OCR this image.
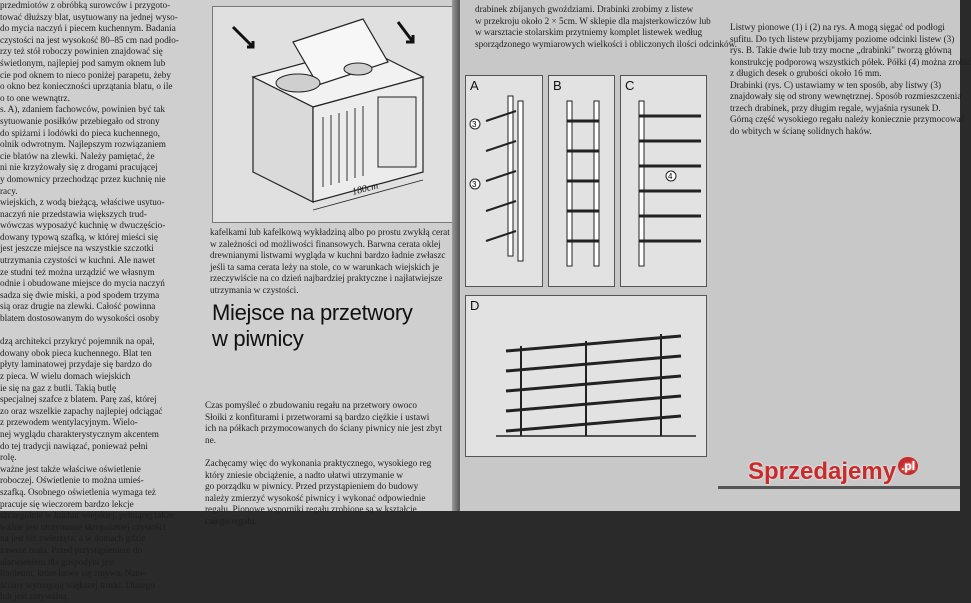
przedmiotów z obróbką surowców i przygoto-

tować dłuższy blat, usytuowany na jednej wyso-

do mycia naczyń i piecem kuchennym. Badania

czystości na jest wysokość 80–85 cm nad podło-

rzy też stół roboczy powinien znajdować się

świetlonym, najlepiej pod samym oknem lub

cie pod oknem to nieco poniżej parapetu, żeby

o okno bez konieczności uprzątania blatu, o ile

o to one wewnątrz.

s. A), zdaniem fachowców, powinien być tak

sytuowanie posiłków przebiegało od strony

do spiżarni i lodówki do pieca kuchennego,

olnik odwrotnym. Najlepszym rozwiązaniem

cie blatów na zlewki. Należy pamiętać, że

ni nie krzyżowały się z drogami pracującej

y domownicy przechodząc przez kuchnię nie

racy.

wiejskich, z wodą bieżącą, właściwe usytuo-

naczyń nie przedstawia większych trud-

wówczas wyposażyć kuchnię w dwuczęścio-

dowany typową szafką, w której mieści się

jest jeszcze miejsce na wszystkie szczotki

utrzymania czystości w kuchni. Ale nawet

ze studni też można urządzić we własnym

odnie i obudowane miejsce do mycia naczyń

sadza się dwie miski, a pod spodem trzyma

sią oraz drugie na zlewki. Całość powinna

blatem dostosowanym do wysokości osoby

dzą architekci przykryć pojemnik na opał,

dowany obok pieca kuchennego. Blat ten

płyty laminatowej przydaje się bardzo do

z pieca. W wielu domach wiejskich

ie się na gaz z butli. Takią butlę

specjalnej szafce z blatem. Parę zaś, której

zo oraz wszelkie zapachy najlepiej odciągać

z przewodem wentylacyjnym. Wielo-

nej wyglądu charakterystycznym akcentem

do tej tradycji nawiązać, ponieważ pełni

rolę.

ważne jest także właściwe oświetlenie

roboczej. Oświetlenie to można umieś-

szafką. Osobnego oświetlenia wymaga też

pracuje się wieczorem bardzo lekcje

szczególnie w kuchni wiejskiej, pełniącej także

ważne jest utrzymanie skrupulatnej czystości

na jest też zwierzęta, a w domach gdzie

zawsze mała. Przed przystąpieniem do

ułatwieniem dla gospodyni jest

linoleum, które łatwo się zmywa. Nato-

ściany wymagają większej troski. Dlatego

lub jest zmywalną.

180cm

kafelkami lub kafelkową wykładziną albo po prostu zwykłą cerat

w zależności od możliwości finansowych. Barwna cerata oklej

drewnianymi listwami wygląda w kuchni bardzo ładnie zwłaszc

jeśli ta sama cerata leży na stole, co w warunkach wiejskich je

rzeczywiście na co dzień najbardziej praktyczne i najłatwiejsze

utrzymania w czystości.

Miejsce na przetwory
w piwnicy

Czas pomyśleć o zbudowaniu regału na przetwory owoco

Słoiki z konfiturami i przetworami są bardzo ciężkie i ustawi

ich na półkach przymocowanych do ściany piwnicy nie jest zbyt

ne.

Zachęcamy więc do wykonania praktycznego, wysokiego reg

który zniesie obciążenie, a nadto ułatwi utrzymanie w

go porządku w piwnicy. Przed przystąpieniem do budowy

należy zmierzyć wysokość piwnicy i wykonać odpowiednie

regału. Pionowe wsporniki regału zrobione są w kształcie

całego regału.

drabinek zbijanych gwoździami. Drabinki zrobimy z listew

w przekroju około 2 × 5cm. W sklepie dla majsterkowiczów lub

w warsztacie stolarskim przytniemy komplet listewek według

sporządzonego wymiarowych wielkości i obliczonych ilości odcinków.

Listwy pionowe (1) i (2) na rys. A mogą sięgać od podłogi

sufitu. Do tych listew przybijamy poziome odcinki listew (3)

rys. B. Takie dwie lub trzy mocne „drabinki" tworzą główną

konstrukcję podporową wszystkich półek. Półki (4) można zrobić

z długich desek o grubości około 16 mm.

Drabinki (rys. C) ustawiamy w ten sposób, aby listwy (3)

znajdowały się od strony wewnętrznej. Sposób rozmieszczenia

trzech drabinek, przy długim regale, wyjaśnia rysunek D.

Górną część wysokiego regału należy koniecznie przymocować

do wbitych w ścianę solidnych haków.

A
3
3
B	C
4
D
Sprzedajemy $^{.pl}$
